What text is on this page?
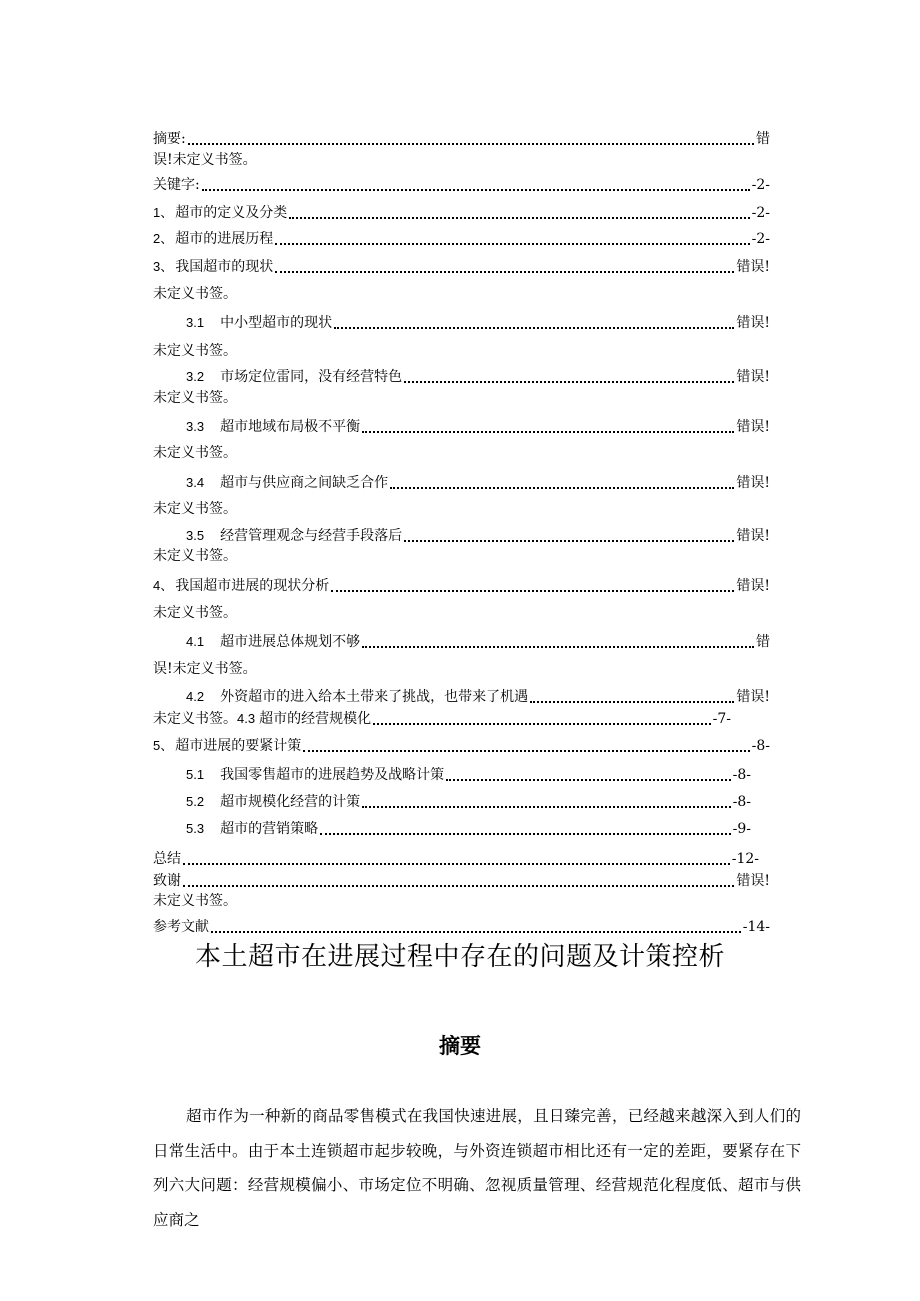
摘要:	错
误!未定义书签。
关键字:	-2-
1、 超市的定义及分类	-2-
2、 超市的进展历程	-2-
3、 我国超市的现状	错误!
未定义书签。
3.1 中小型超市的现状	错误!
未定义书签。
3.2 市场定位雷同，没有经营特色	错误!
未定义书签。
3.3 超市地域布局极不平衡	错误!
未定义书签。
3.4 超市与供应商之间缺乏合作	错误!
未定义书签。
3.5 经营管理观念与经营手段落后	错误!
未定义书签。
4、 我国超市进展的现状分析	错误!
未定义书签。
4.1 超市进展总体规划不够	错
误!未定义书签。
4.2 外资超市的进入给本土带来了挑战，也带来了机遇	错误!
未定义书签。 4.3 超市的经营规模化	-7-
5、 超市进展的要紧计策	-8-
5.1 我国零售超市的进展趋势及战略计策	-8-
5.2 超市规模化经营的计策	-8-
5.3 超市的营销策略	-9-
总结	-12-
致谢	错误!
未定义书签。
参考文献	-14-
本土超市在进展过程中存在的问题及计策控析
摘要

超市作为一种新的商品零售模式在我国快速进展，且日臻完善，已经越来越深入到人们的日常生活中。由于本土连锁超市起步较晚，与外资连锁超市相比还有一定的差距，要紧存在下列六大问题：经营规模偏小、市场定位不明确、忽视质量管理、经营规范化程度低、超市与供应商之
